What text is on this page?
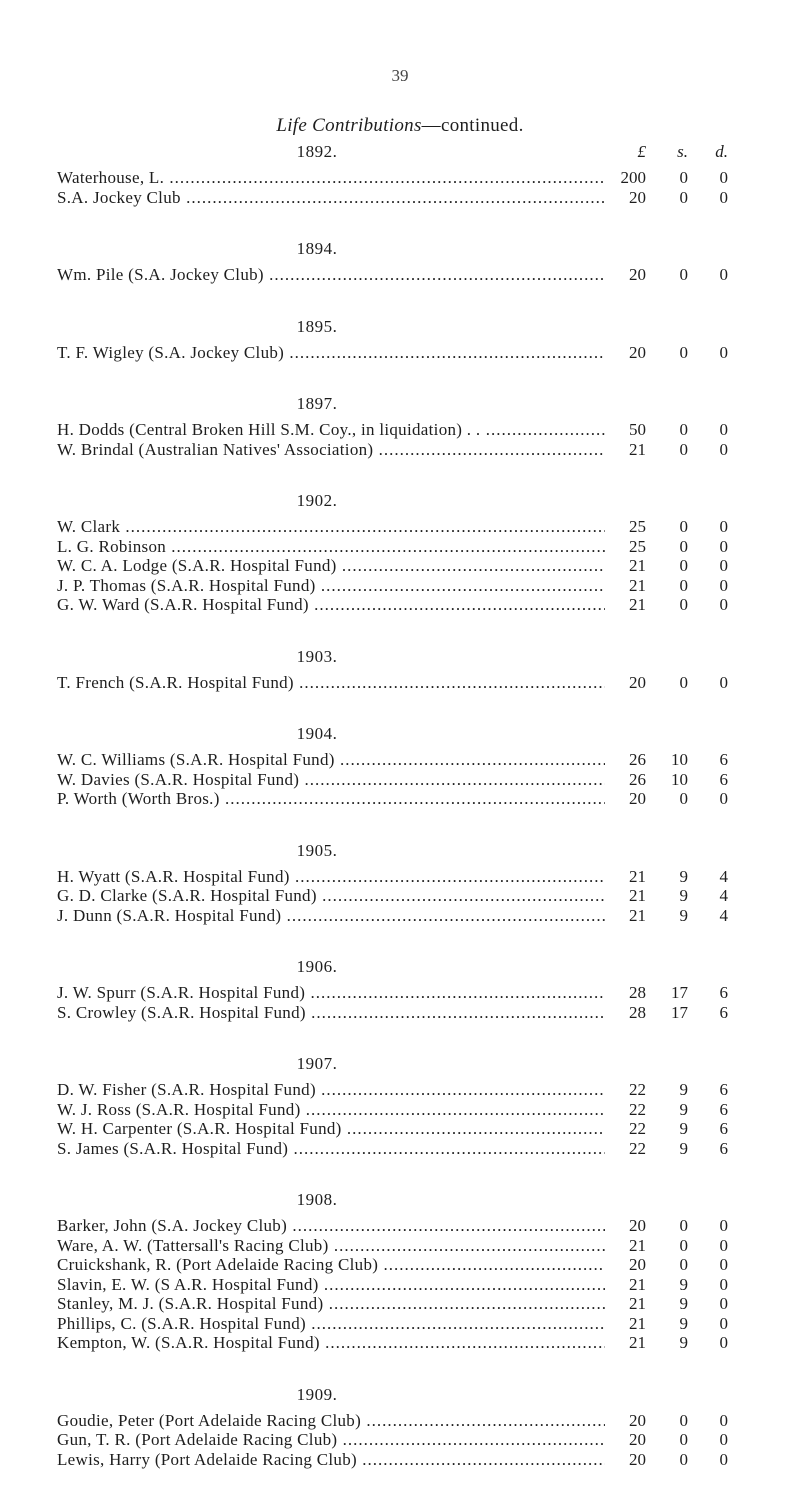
39
Life Contributions—continued.
1892.	£	s.	d.
Waterhouse, L. .....	200	0	0
S.A. Jockey Club .....	20	0	0
1894.
Wm. Pile (S.A. Jockey Club) .....	20	0	0
1895.
T. F. Wigley (S.A. Jockey Club) .....	20	0	0
1897.
H. Dodds (Central Broken Hill S.M. Coy., in liquidation) . . .....	50	0	0
W. Brindal (Australian Natives' Association) .....	21	0	0
1902.
W. Clark .....	25	0	0
L. G. Robinson .....	25	0	0
W. C. A. Lodge (S.A.R. Hospital Fund) .....	21	0	0
J. P. Thomas (S.A.R. Hospital Fund) .....	21	0	0
G. W. Ward (S.A.R. Hospital Fund) .....	21	0	0
1903.
T. French (S.A.R. Hospital Fund) .....	20	0	0
1904.
W. C. Williams (S.A.R. Hospital Fund) .....	26	10	6
W. Davies (S.A.R. Hospital Fund) .....	26	10	6
P. Worth (Worth Bros.) .....	20	0	0
1905.
H. Wyatt (S.A.R. Hospital Fund) .....	21	9	4
G. D. Clarke (S.A.R. Hospital Fund) .....	21	9	4
J. Dunn (S.A.R. Hospital Fund) .....	21	9	4
1906.
J. W. Spurr (S.A.R. Hospital Fund) .....	28	17	6
S. Crowley (S.A.R. Hospital Fund) .....	28	17	6
1907.
D. W. Fisher (S.A.R. Hospital Fund) .....	22	9	6
W. J. Ross (S.A.R. Hospital Fund) .....	22	9	6
W. H. Carpenter (S.A.R. Hospital Fund) .....	22	9	6
S. James (S.A.R. Hospital Fund) .....	22	9	6
1908.
Barker, John (S.A. Jockey Club) .....	20	0	0
Ware, A. W. (Tattersall's Racing Club) .....	21	0	0
Cruickshank, R. (Port Adelaide Racing Club) .....	20	0	0
Slavin, E. W. (S A.R. Hospital Fund) .....	21	9	0
Stanley, M. J. (S.A.R. Hospital Fund) .....	21	9	0
Phillips, C. (S.A.R. Hospital Fund) .....	21	9	0
Kempton, W. (S.A.R. Hospital Fund) .....	21	9	0
1909.
Goudie, Peter (Port Adelaide Racing Club) .....	20	0	0
Gun, T. R. (Port Adelaide Racing Club) .....	20	0	0
Lewis, Harry (Port Adelaide Racing Club) .....	20	0	0
